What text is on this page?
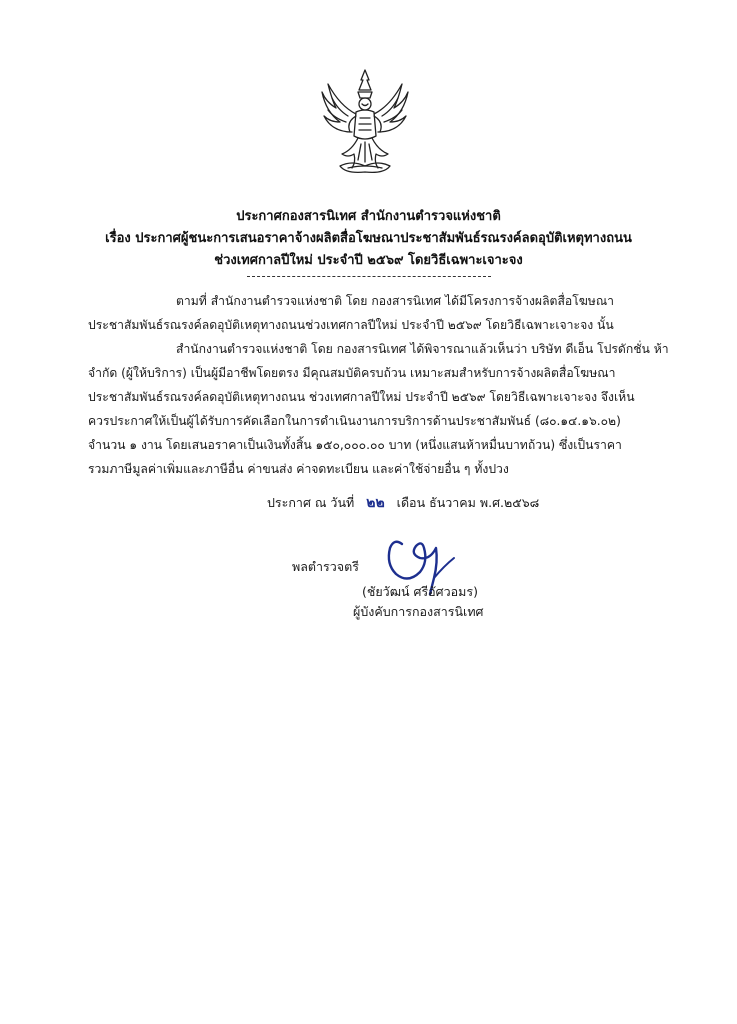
ประกาศกองสารนิเทศ สำนักงานตำรวจแห่งชาติ
เรื่อง ประกาศผู้ชนะการเสนอราคาจ้างผลิตสื่อโฆษณาประชาสัมพันธ์รณรงค์ลดอุบัติเหตุทางถนน
ช่วงเทศกาลปีใหม่ ประจำปี ๒๕๖๙ โดยวิธีเฉพาะเจาะจง
ตามที่ สำนักงานตำรวจแห่งชาติ โดย กองสารนิเทศ ได้มีโครงการจ้างผลิตสื่อโฆษณา
ประชาสัมพันธ์รณรงค์ลดอุบัติเหตุทางถนนช่วงเทศกาลปีใหม่ ประจำปี ๒๕๖๙ โดยวิธีเฉพาะเจาะจง นั้น
สำนักงานตำรวจแห่งชาติ โดย กองสารนิเทศ ได้พิจารณาแล้วเห็นว่า บริษัท ดีเอ็น โปรดักชั่น ห้า
จำกัด (ผู้ให้บริการ) เป็นผู้มีอาชีพโดยตรง มีคุณสมบัติครบถ้วน เหมาะสมสำหรับการจ้างผลิตสื่อโฆษณา
ประชาสัมพันธ์รณรงค์ลดอุบัติเหตุทางถนน ช่วงเทศกาลปีใหม่ ประจำปี ๒๕๖๙ โดยวิธีเฉพาะเจาะจง จึงเห็น
ควรประกาศให้เป็นผู้ได้รับการคัดเลือกในการดำเนินงานการบริการด้านประชาสัมพันธ์ (๘๐.๑๔.๑๖.๐๒)
จำนวน ๑ งาน โดยเสนอราคาเป็นเงินทั้งสิ้น ๑๕๐,๐๐๐.๐๐ บาท (หนึ่งแสนห้าหมื่นบาทถ้วน) ซึ่งเป็นราคา
รวมภาษีมูลค่าเพิ่มและภาษีอื่น ค่าขนส่ง ค่าจดทะเบียน และค่าใช้จ่ายอื่น ๆ ทั้งปวง
ประกาศ ณ วันที่ ๒๒ เดือน ธันวาคม พ.ศ.๒๕๖๘
พลตำรวจตรี
(ชัยวัฒน์ ศรีอัศวอมร)
ผู้บังคับการกองสารนิเทศ
